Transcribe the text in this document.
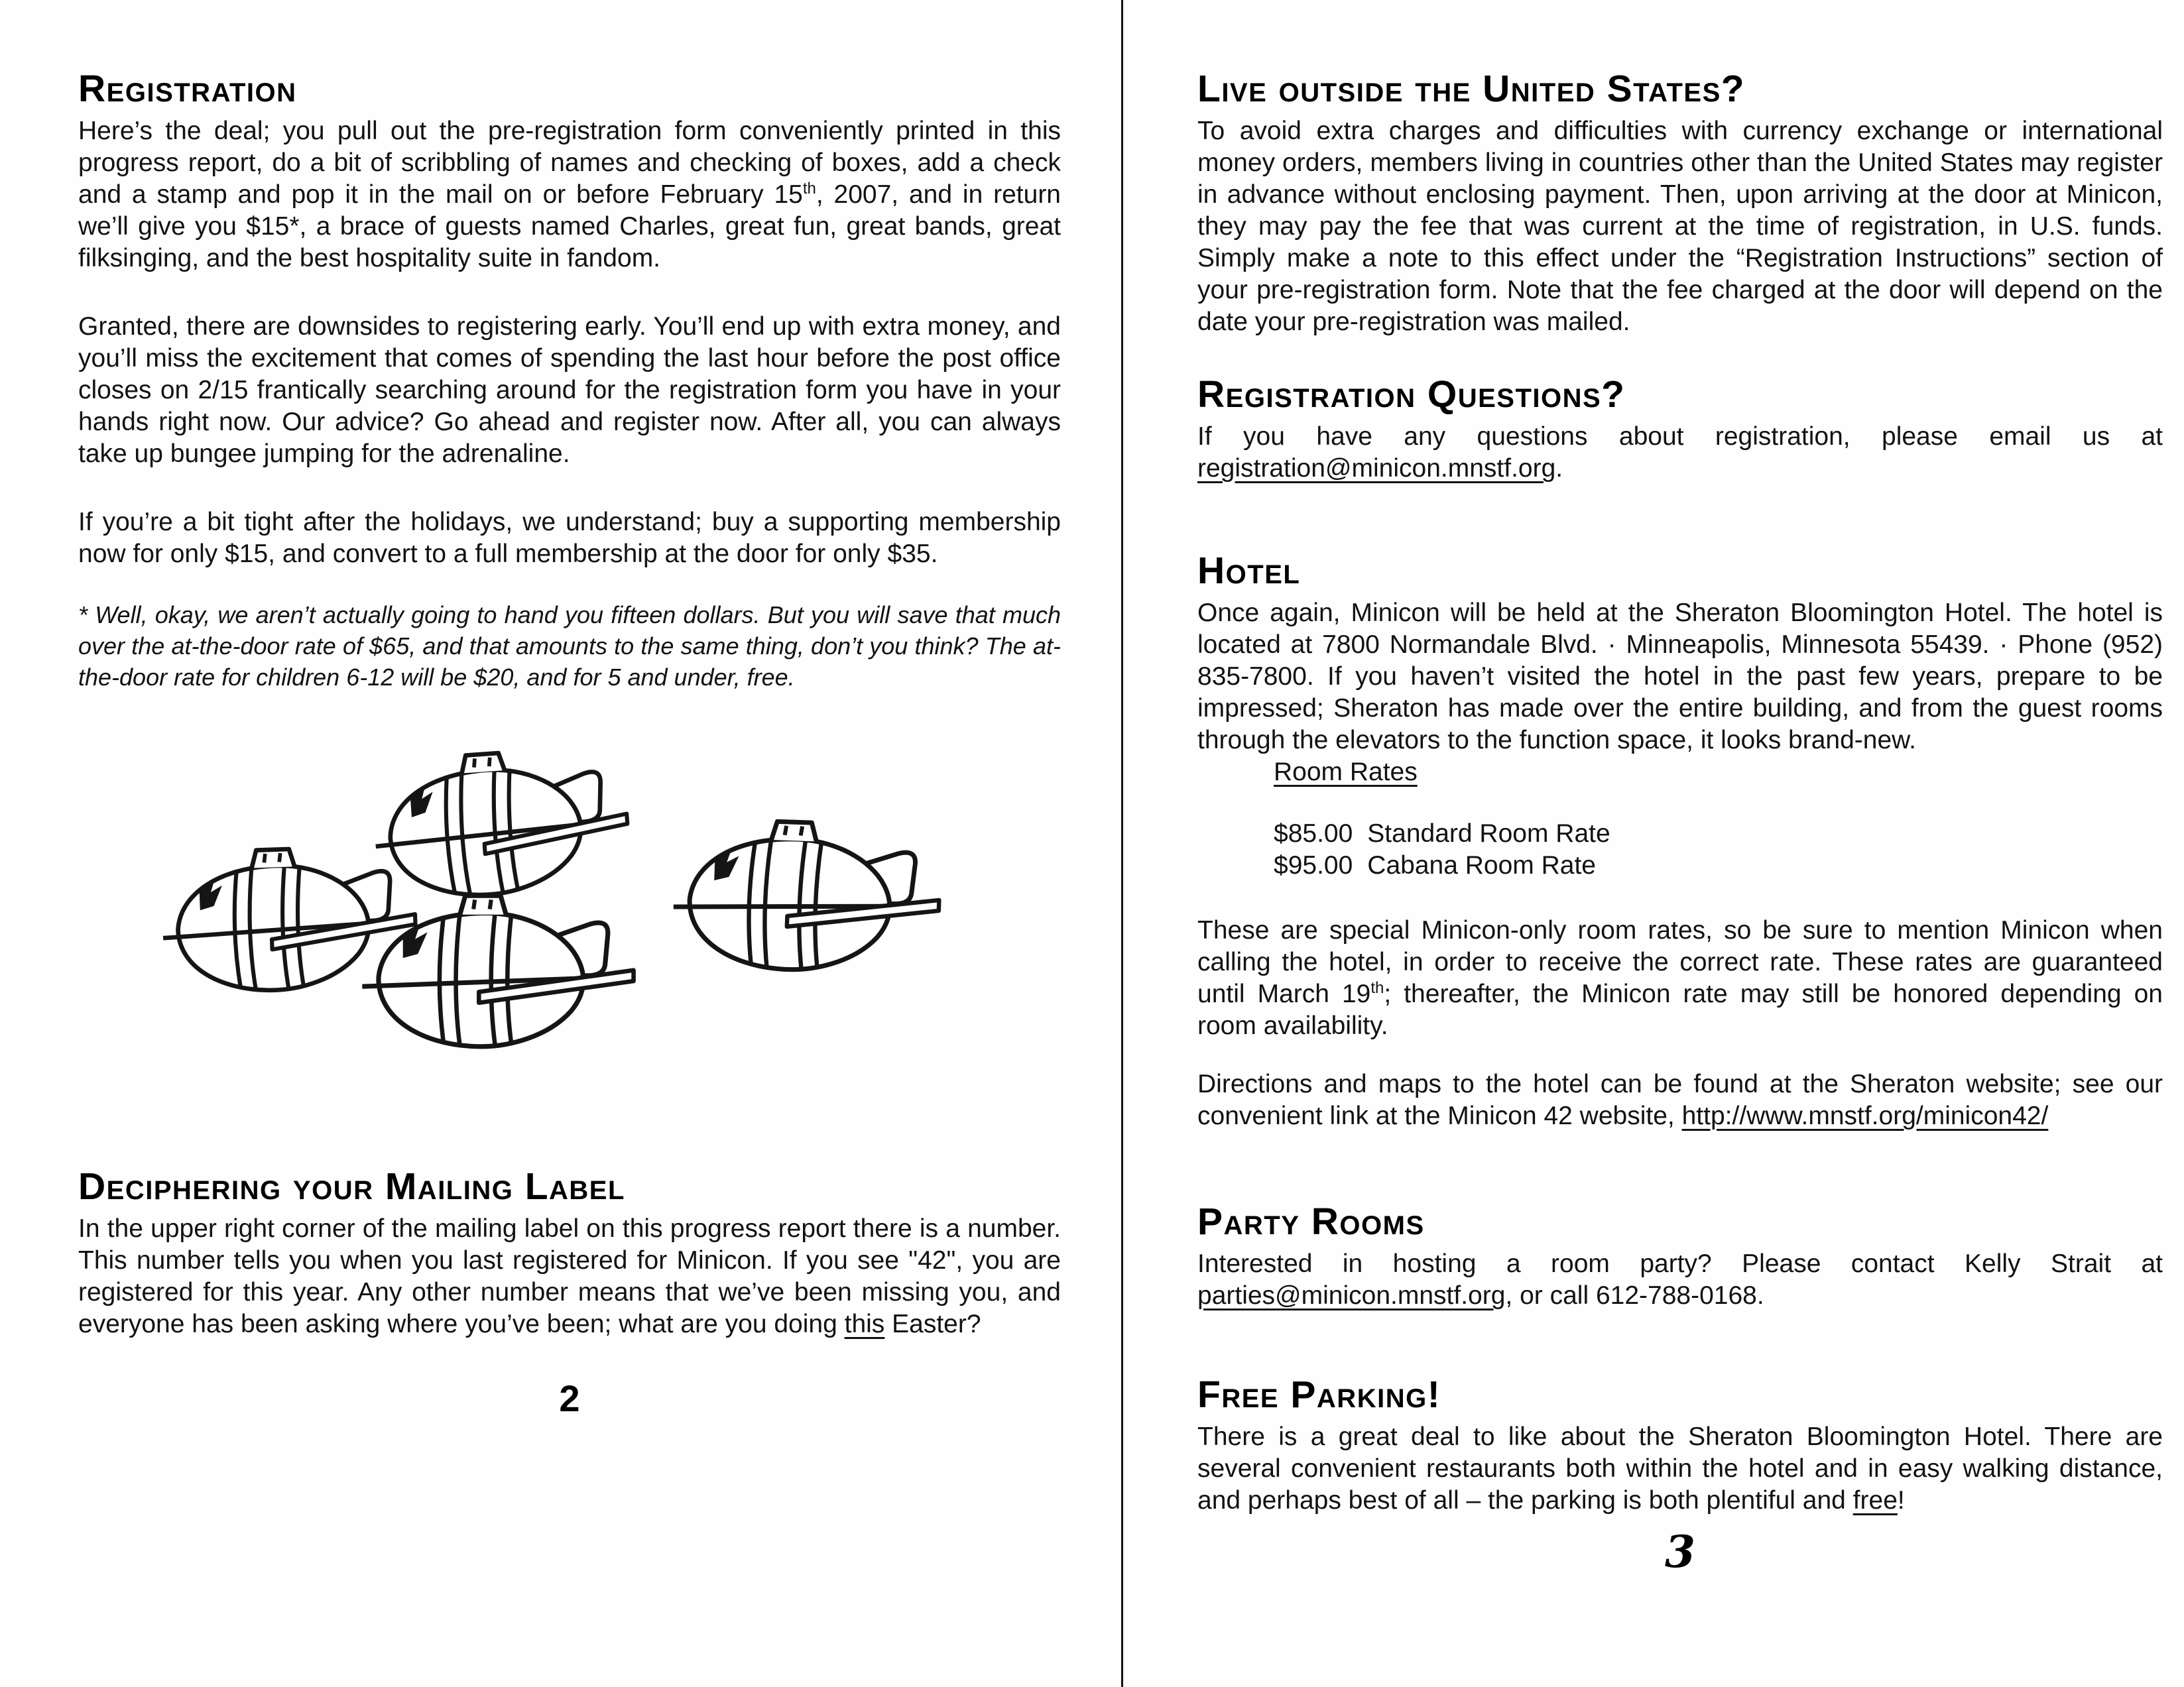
Registration

Here’s the deal; you pull out the pre-registration form conveniently printed in this progress report, do a bit of scribbling of names and checking of boxes, add a check and a stamp and pop it in the mail on or before February 15th, 2007, and in return we’ll give you $15*, a brace of guests named Charles, great fun, great bands, great filksinging, and the best hospitality suite in fandom.

Granted, there are downsides to registering early. You’ll end up with extra money, and you’ll miss the excitement that comes of spending the last hour before the post office closes on 2/15 frantically searching around for the registration form you have in your hands right now. Our advice? Go ahead and register now. After all, you can always take up bungee jumping for the adrenaline.

If you’re a bit tight after the holidays, we understand; buy a supporting membership now for only $15, and convert to a full membership at the door for only $35.

* Well, okay, we aren’t actually going to hand you fifteen dollars. But you will save that much over the at-the-door rate of $65, and that amounts to the same thing, don’t you think? The at-the-door rate for children 6-12 will be $20, and for 5 and under, free.

Deciphering your Mailing Label

In the upper right corner of the mailing label on this progress report there is a number. This number tells you when you last registered for Minicon. If you see "42", you are registered for this year. Any other number means that we’ve been missing you, and everyone has been asking where you’ve been; what are you doing this Easter?

2
Live outside the United States?

To avoid extra charges and difficulties with currency exchange or international money orders, members living in countries other than the United States may register in advance without enclosing payment. Then, upon arriving at the door at Minicon, they may pay the fee that was current at the time of registration, in U.S. funds. Simply make a note to this effect under the “Registration Instructions” section of your pre-registration form. Note that the fee charged at the door will depend on the date your pre-registration was mailed.

Registration Questions?

If you have any questions about registration, please email us at registration@minicon.mnstf.org.

Hotel

Once again, Minicon will be held at the Sheraton Bloomington Hotel. The hotel is located at 7800 Normandale Blvd. · Minneapolis, Minnesota 55439. · Phone (952) 835-7800. If you haven’t visited the hotel in the past few years, prepare to be impressed; Sheraton has made over the entire building, and from the guest rooms through the elevators to the function space, it looks brand-new.

Room Rates
$85.00 Standard Room Rate
$95.00 Cabana Room Rate

These are special Minicon-only room rates, so be sure to mention Minicon when calling the hotel, in order to receive the correct rate. These rates are guaranteed until March 19th; thereafter, the Minicon rate may still be honored depending on room availability.

Directions and maps to the hotel can be found at the Sheraton website; see our convenient link at the Minicon 42 website, http://www.mnstf.org/minicon42/

Party Rooms

Interested in hosting a room party? Please contact Kelly Strait at parties@minicon.mnstf.org, or call 612-788-0168.

Free Parking!

There is a great deal to like about the Sheraton Bloomington Hotel. There are several convenient restaurants both within the hotel and in easy walking distance, and perhaps best of all – the parking is both plentiful and free!

3
